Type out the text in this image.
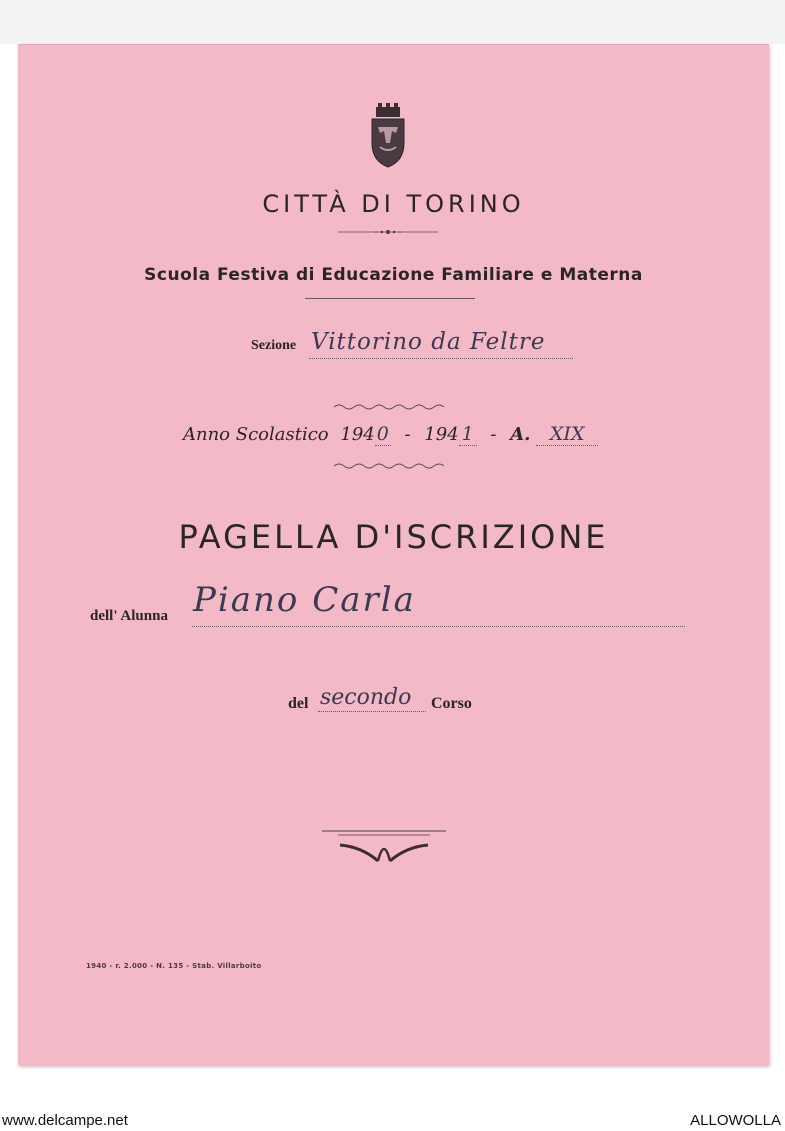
CITTÀ DI TORINO
Scuola Festiva di Educazione Familiare e Materna
Sezione Vittorino da Feltre
Anno Scolastico 194 0 - 194 1 - A. XIX
PAGELLA D'ISCRIZIONE
dell' Alunna Piano Carla
del secondo Corso
1940 - r. 2.000 - N. 135 - Stab. Villarboito
www.delcampe.net	ALLOWOLLA
